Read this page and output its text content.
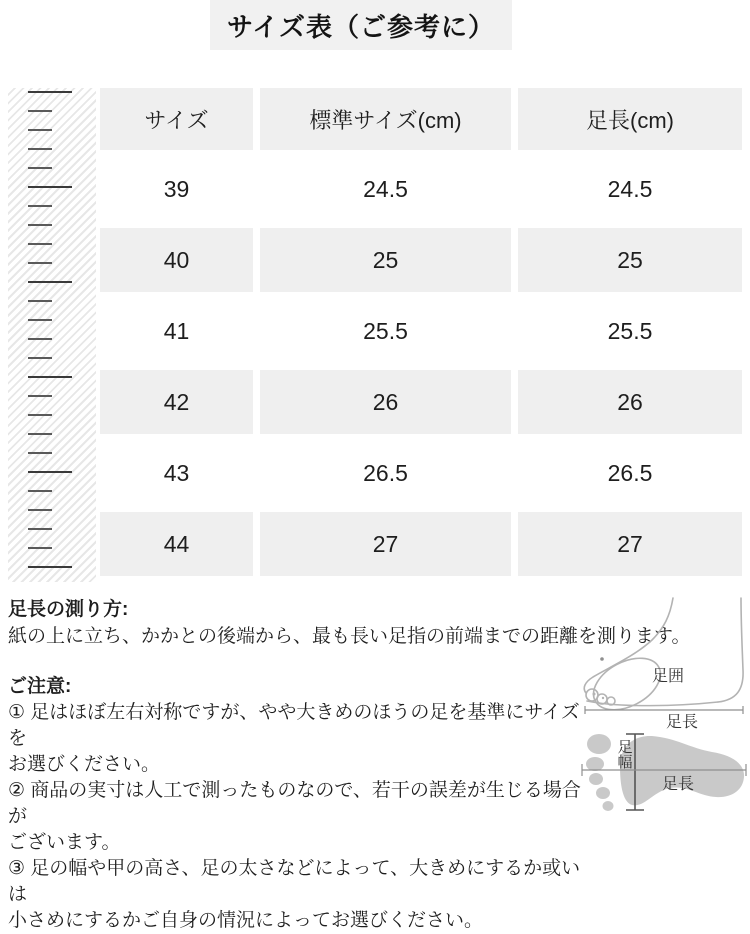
サイズ表（ご参考に）
サイズ	標準サイズ(cm)	足長(cm)
39	24.5	24.5
40	25	25
41	25.5	25.5
42	26	26
43	26.5	26.5
44	27	27
足長の測り方:
紙の上に立ち、かかとの後端から、最も長い足指の前端までの距離を測ります。
ご注意:
① 足はほぼ左右対称ですが、やや大きめのほうの足を基準にサイズを
お選びください。
② 商品の実寸は人工で測ったものなので、若干の誤差が生じる場合が
ございます。
③ 足の幅や甲の高さ、足の太さなどによって、大きめにするか或いは
小さめにするかご自身の情況によってお選びください。
足囲
足長
足幅
足長
